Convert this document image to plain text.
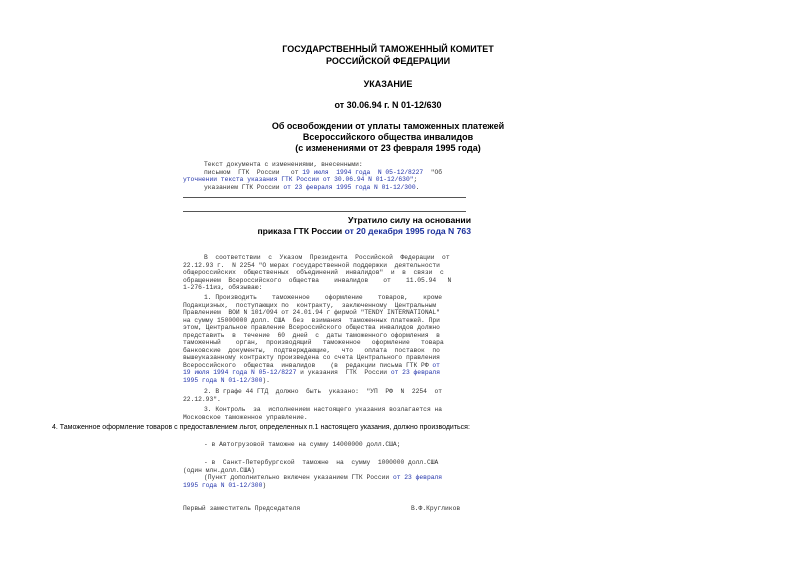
ГОСУДАРСТВЕННЫЙ ТАМОЖЕННЫЙ КОМИТЕТ
РОССИЙСКОЙ ФЕДЕРАЦИИ
УКАЗАНИЕ
от 30.06.94 г. N 01-12/630
Об освобождении от уплаты таможенных платежей
Всероссийского общества инвалидов
(с изменениями от 23 февраля 1995 года)
Текст документа с изменениями, внесенными:
письмом  ГТК  России   от 19 июля  1994 года  N 05-12/8227  "Об
уточнении текста указания ГТК России от 30.06.94 N 01-12/630";
указанием ГТК России от 23 февраля 1995 года N 01-12/300.
Утратило силу на основании
приказа ГТК России от 20 декабря 1995 года N 763
В  соответствии  с  Указом  Президента  Российской  Федерации  от
22.12.93 г.  N 2254 "О мерах государственной поддержки  деятельности
общероссийских  общественных  объединений  инвалидов"  и  в  связи  с
обращением  Всероссийского  общества    инвалидов    от    11.05.94   N
1-276-11из, обязываю:
1. Производить    таможенное    оформление    товаров,    кроме
Подакцизных,  поступающих по  контракту,  заключенному  Центральным
Правлением  ВОИ N 101/094 от 24.01.94 г фирмой "TENDY INTERNATIONAL"
на сумму 15000000 долл. США  без  взимания  таможенных платежей. При
этом, Центральное правление Всероссийского общества инвалидов должно
представить  в  течение  60  дней  с  даты таможенного оформления  в
таможенный    орган,  производящий   таможенное   оформление   товара
банковские  документы,  подтверждающие,   что   оплата  поставок  по
вышеуказанному контракту произведена со счета Центрального правления
Всероссийского  общества  инвалидов    (в  редакции письма ГТК РФ от
19 июля 1994 года N 05-12/8227 и указания  ГТК  России от 23 февраля
1995 года N 01-12/300).
2. В графе 44 ГТД  должно  быть  указано:  "УП  РФ  N  2254  от
22.12.93".
3. Контроль  за  исполнением настоящего указания возлагается на
Московское таможенное управление.
4. Таможенное оформление товаров с предоставлением льгот, определенных п.1 настоящего указания, должно производиться:
- в Автогрузовой таможне на сумму 14000000 долл.США;
- в  Санкт-Петербургской  таможне  на  сумму  1000000 долл.США
(один млн.долл.США)
(Пункт дополнительно включен указанием ГТК России от 23 февраля
1995 года N 01-12/300)
Первый заместитель Председателя	В.Ф.Кругликов
